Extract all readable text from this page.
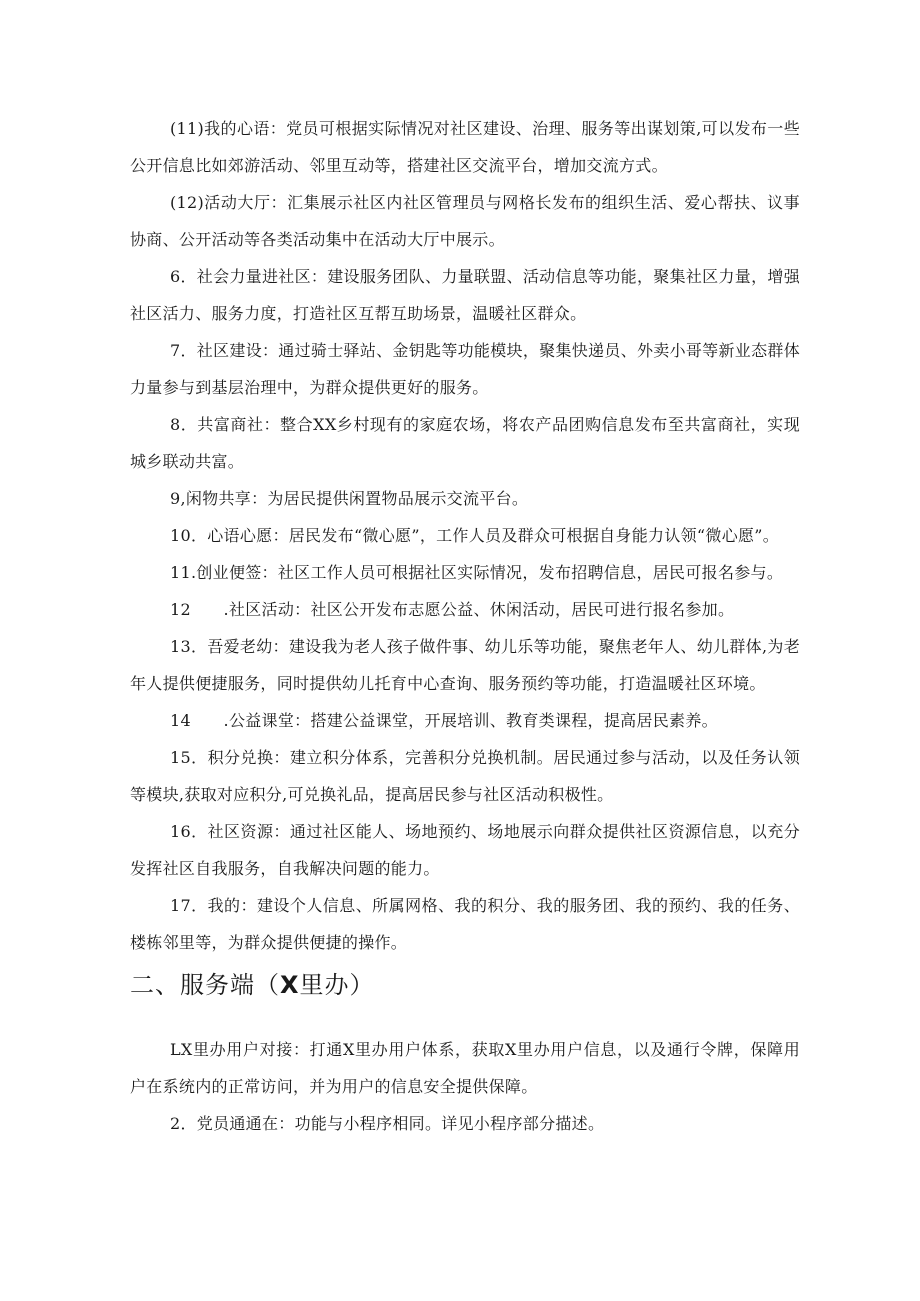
(11)我的心语：党员可根据实际情况对社区建设、治理、服务等出谋划策,可以发布一些公开信息比如郊游活动、邻里互动等，搭建社区交流平台，增加交流方式。

(12)活动大厅：汇集展示社区内社区管理员与网格长发布的组织生活、爱心帮扶、议事协商、公开活动等各类活动集中在活动大厅中展示。

6．社会力量进社区：建设服务团队、力量联盟、活动信息等功能，聚集社区力量，增强社区活力、服务力度，打造社区互帮互助场景，温暖社区群众。

7．社区建设：通过骑士驿站、金钥匙等功能模块，聚集快递员、外卖小哥等新业态群体力量参与到基层治理中，为群众提供更好的服务。

8．共富商社：整合XX乡村现有的家庭农场，将农产品团购信息发布至共富商社，实现城乡联动共富。

9,闲物共享：为居民提供闲置物品展示交流平台。

10．心语心愿：居民发布“微心愿”，工作人员及群众可根据自身能力认领“微心愿”。

11.创业便签：社区工作人员可根据社区实际情况，发布招聘信息，居民可报名参与。

12　　.社区活动：社区公开发布志愿公益、休闲活动，居民可进行报名参加。

13．吾爱老幼：建设我为老人孩子做件事、幼儿乐等功能，聚焦老年人、幼儿群体,为老年人提供便捷服务，同时提供幼儿托育中心查询、服务预约等功能，打造温暖社区环境。

14　　.公益课堂：搭建公益课堂，开展培训、教育类课程，提高居民素养。

15．积分兑换：建立积分体系，完善积分兑换机制。居民通过参与活动，以及任务认领等模块,获取对应积分,可兑换礼品，提高居民参与社区活动积极性。

16．社区资源：通过社区能人、场地预约、场地展示向群众提供社区资源信息，以充分发挥社区自我服务，自我解决问题的能力。

17．我的：建设个人信息、所属网格、我的积分、我的服务团、我的预约、我的任务、楼栋邻里等，为群众提供便捷的操作。

二、服务端（X里办）

LX里办用户对接：打通X里办用户体系，获取X里办用户信息，以及通行令牌，保障用户在系统内的正常访问，并为用户的信息安全提供保障。

2．党员通通在：功能与小程序相同。详见小程序部分描述。
